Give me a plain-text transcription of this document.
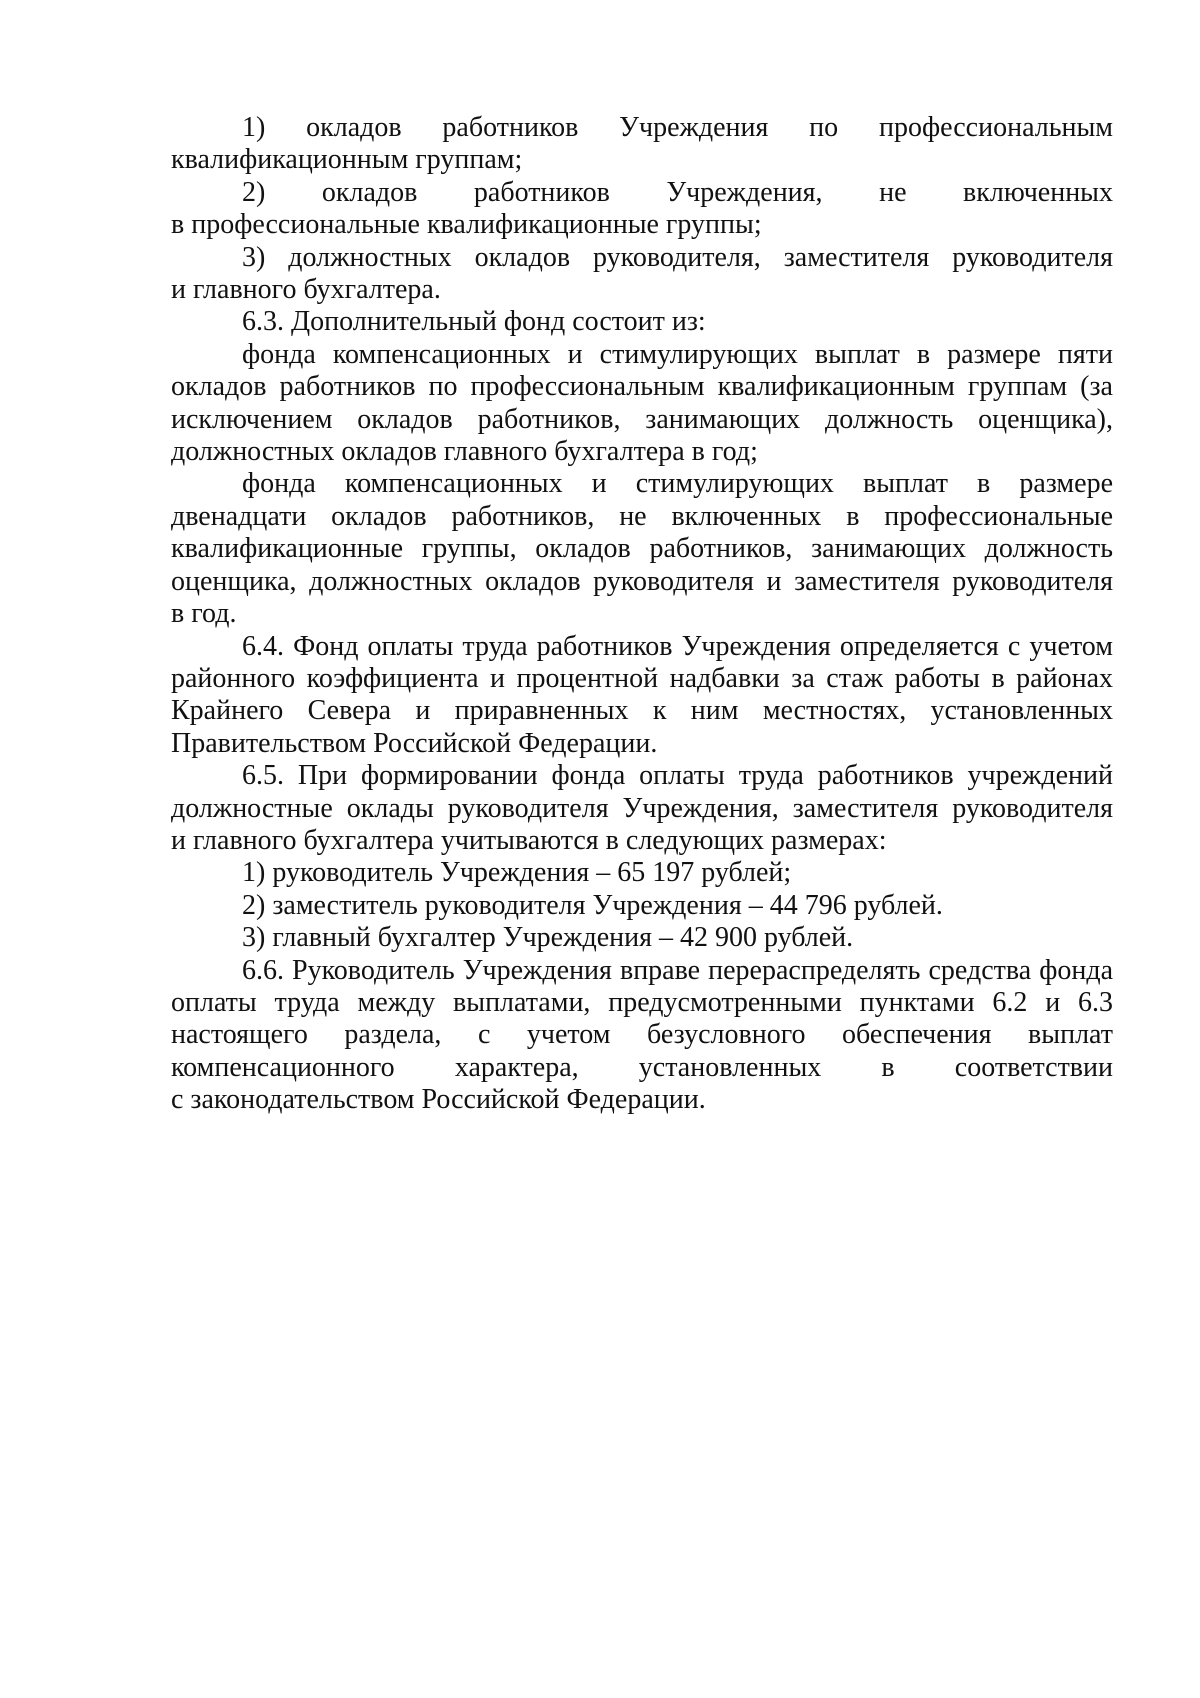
1) окладов работников Учреждения по профессиональным квалификационным группам;

2) окладов работников Учреждения, не включенных в профессиональные квалификационные группы;

3) должностных окладов руководителя, заместителя руководителя и главного бухгалтера.

6.3. Дополнительный фонд состоит из:

фонда компенсационных и стимулирующих выплат в размере пяти окладов работников по профессиональным квалификационным группам (за исключением окладов работников, занимающих должность оценщика), должностных окладов главного бухгалтера в год;

фонда компенсационных и стимулирующих выплат в размере двенадцати окладов работников, не включенных в профессиональные квалификационные группы, окладов работников, занимающих должность оценщика, должностных окладов руководителя и заместителя руководителя в год.

6.4. Фонд оплаты труда работников Учреждения определяется с учетом районного коэффициента и процентной надбавки за стаж работы в районах Крайнего Севера и приравненных к ним местностях, установленных Правительством Российской Федерации.

6.5. При формировании фонда оплаты труда работников учреждений должностные оклады руководителя Учреждения, заместителя руководителя и главного бухгалтера учитываются в следующих размерах:

1) руководитель Учреждения – 65 197 рублей;

2) заместитель руководителя Учреждения – 44 796 рублей.

3) главный бухгалтер Учреждения – 42 900 рублей.

6.6. Руководитель Учреждения вправе перераспределять средства фонда оплаты труда между выплатами, предусмотренными пунктами 6.2 и 6.3 настоящего раздела, с учетом безусловного обеспечения выплат компенсационного характера, установленных в соответствии с законодательством Российской Федерации.
